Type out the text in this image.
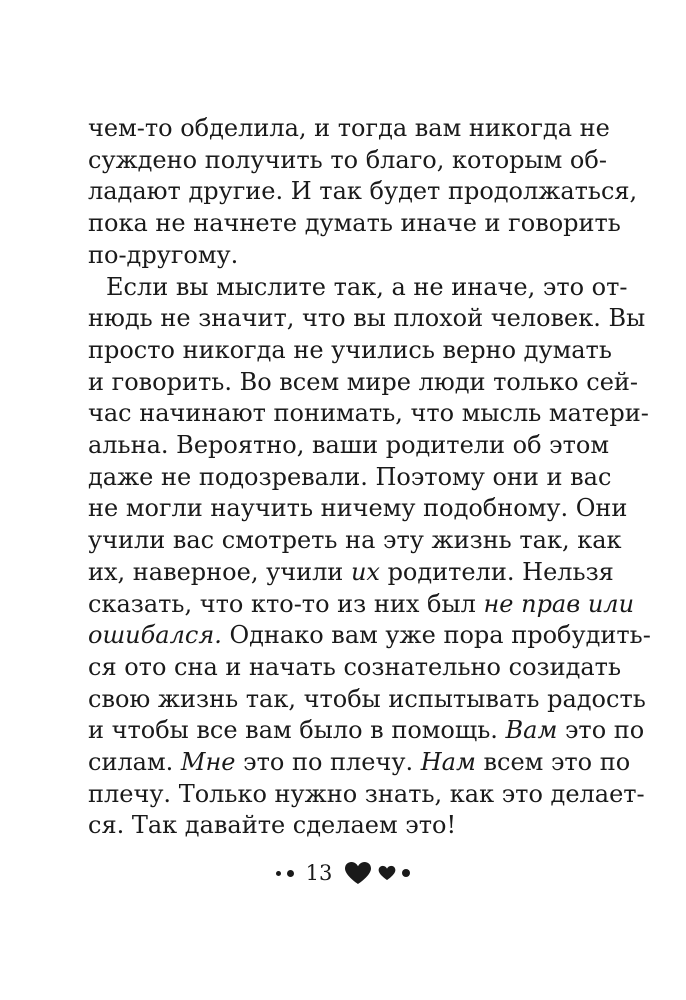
чем-то обделила, и тогда вам никогда не
суждено получить то благо, которым об-
ладают другие. И так будет продолжаться,
пока не начнете думать иначе и говорить
по-другому.
Если вы мыслите так, а не иначе, это от-
нюдь не значит, что вы плохой человек. Вы
просто никогда не учились верно думать
и говорить. Во всем мире люди только сей-
час начинают понимать, что мысль матери-
альна. Вероятно, ваши родители об этом
даже не подозревали. Поэтому они и вас
не могли научить ничему подобному. Они
учили вас смотреть на эту жизнь так, как
их, наверное, учили их родители. Нельзя
сказать, что кто-то из них был не прав или
ошибался. Однако вам уже пора пробудить-
ся ото сна и начать сознательно созидать
свою жизнь так, чтобы испытывать радость
и чтобы все вам было в помощь. Вам это по
силам. Мне это по плечу. Нам всем это по
плечу. Только нужно знать, как это делает-
ся. Так давайте сделаем это!
13
